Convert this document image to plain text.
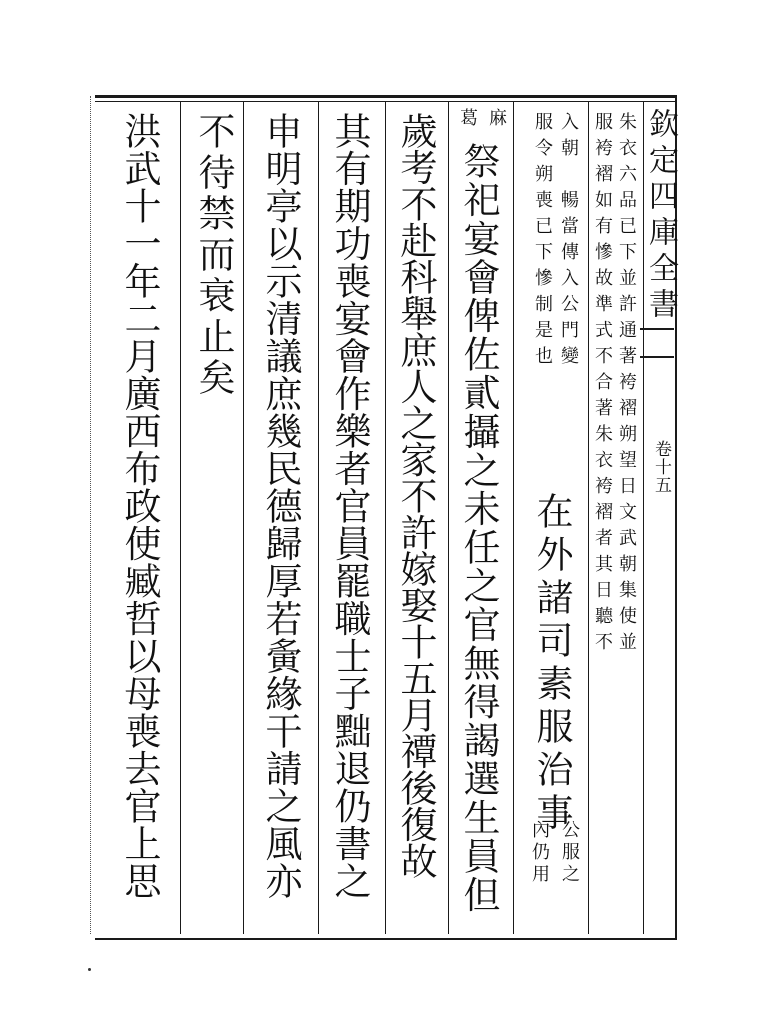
欽定四庫全書
卷十五
朱衣六品已下並許通著袴褶朔望日文武朝集使並
服袴褶如有慘故準式不合著朱衣袴褶者其日聽不
入朝　暢當傳入公門變
服令朔喪已下慘制是也
在外諸司素服治事
公服之
內仍用
麻
葛
祭祀宴會俾佐貳攝之未任之官無得謁選生員但
歲考不赴科舉庶人之家不許嫁娶十五月禫後復故
其有期功喪宴會作樂者官員罷職士子黜退仍書之
申明亭以示清議庶幾民德歸厚若夤緣干請之風亦
不待禁而衰止矣
洪武十一年二月廣西布政使臧哲以母喪去官上思
